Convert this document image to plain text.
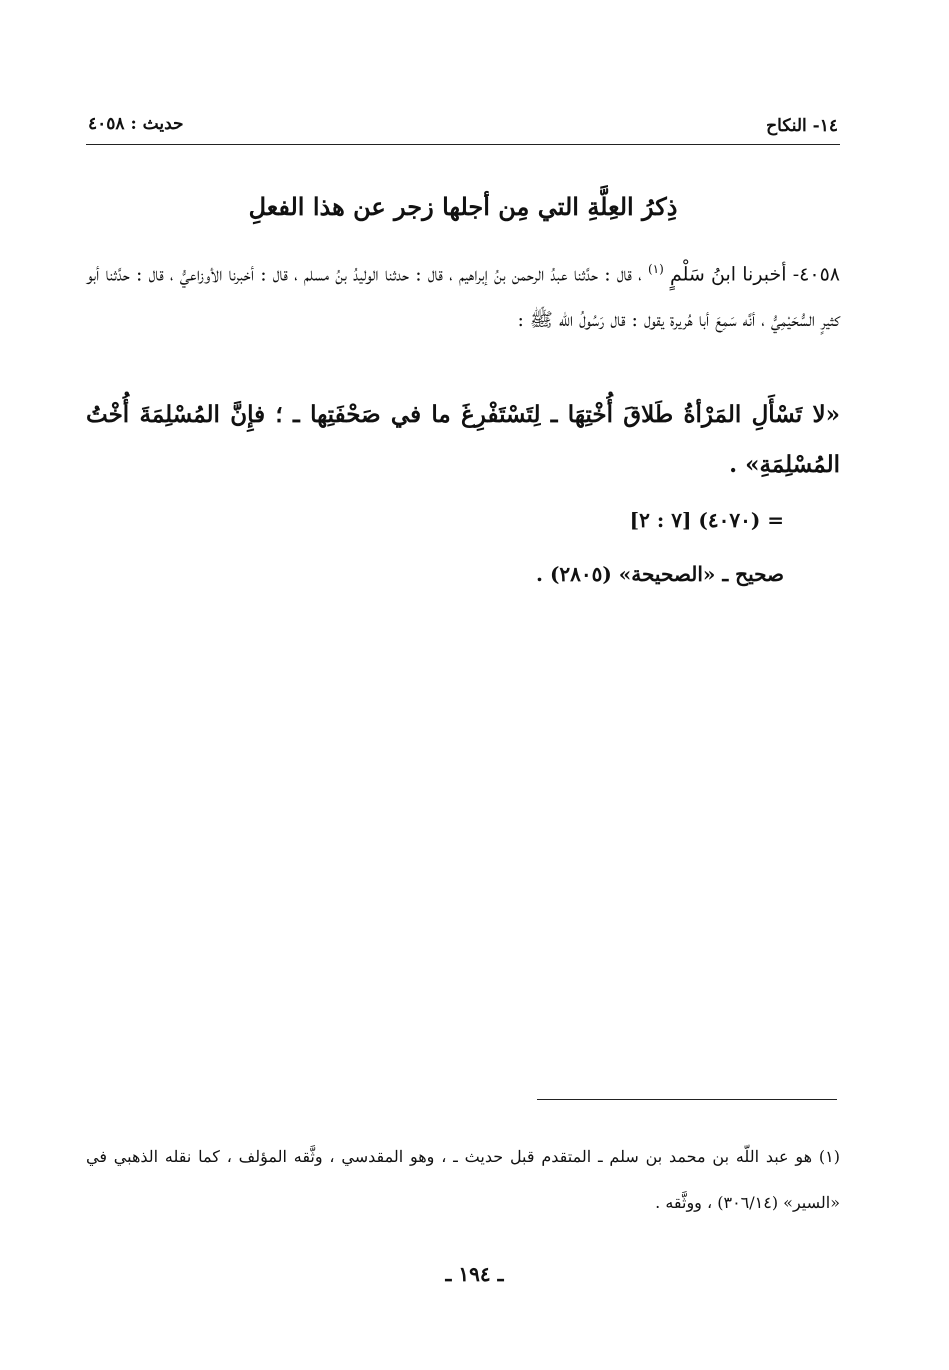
١٤- النكاح
حديث : ٤٠٥٨
ذِكرُ العِلَّةِ التي مِن أجلها زجر عن هذا الفعلِ
٤٠٥٨- أخبرنا ابنُ سَلْمٍ $^{(١)}$ ، قال : حدَّثنا عبدُ الرحمن بنُ إبراهيم ، قال : حدثنا الوليدُ بنُ مسلم ، قال : أخبرنا الأوزاعيُّ ، قال : حدَّثنا أبو كثيرٍ السُّحَيْمِيُّ ، أنَّه سَمِعَ أبا هُريرة يقول : قال رَسُولُ اللّه ﷺ :
«لا تَسْأَلِ المَرْأةُ طَلاقَ أُخْتِهَا ـ لِتَسْتَفْرِغَ ما في صَحْفَتِها ـ ؛ فإِنَّ المُسْلِمَةَ أُخْتُ المُسْلِمَةِ» .
= (٤٠٧٠) [٧ : ٢]
صحيح ـ «الصحيحة» (٢٨٠٥) .
(١) هو عبد اللّه بن محمد بن سلم ـ المتقدم قبل حديث ـ ، وهو المقدسي ، وثَّقه المؤلف ، كما نقله الذهبي في «السير» (٣٠٦/١٤) ، ووثَّقه .
ـ ١٩٤ ـ
